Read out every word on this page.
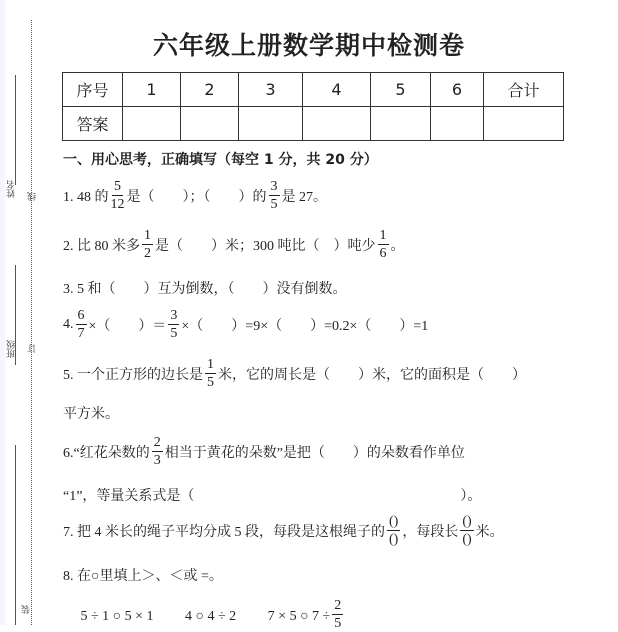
姓名 线
班级 订
装
六年级上册数学期中检测卷
序号	1	2	3	4	5	6	合计
答案							
一、用心思考，正确填写（每空 1 分，共 20 分）
1. 48 的 $\frac{5}{12}$ 是（　　）；（　　）的 $\frac{3}{5}$ 是 27。
2. 比 80 米多 $\frac{1}{2}$ 是（　　）米；300 吨比（　）吨少 $\frac{1}{6}$ 。
3. 5 和（　　）互为倒数，（　　）没有倒数。
4. $\frac{6}{7}$ ×（　　）＝ $\frac{3}{5}$ ×（　　）=9×（　　）=0.2×（　　）=1
5. 一个正方形的边长是 $\frac{1}{5}$ 米，它的周长是（　　）米，它的面积是（　　）
平方米。
6.“红花朵数的 $\frac{2}{3}$ 相当于黄花的朵数”是把（　　）的朵数看作单位
“1”，等量关系式是（　　　　　　　　　　　　　　　　　　　）。
7. 把 4 米长的绳子平均分成 5 段，每段是这根绳子的 $\frac{()}{()}$ ，每段长 $\frac{()}{()}$ 米。
8. 在○里填上＞、＜或 =。
　 5 ÷ 1 ○ 5 × 1　　 4 ○ 4 ÷ 2　　 7 × 5 ○ $7 \div \frac{2}{5}$
